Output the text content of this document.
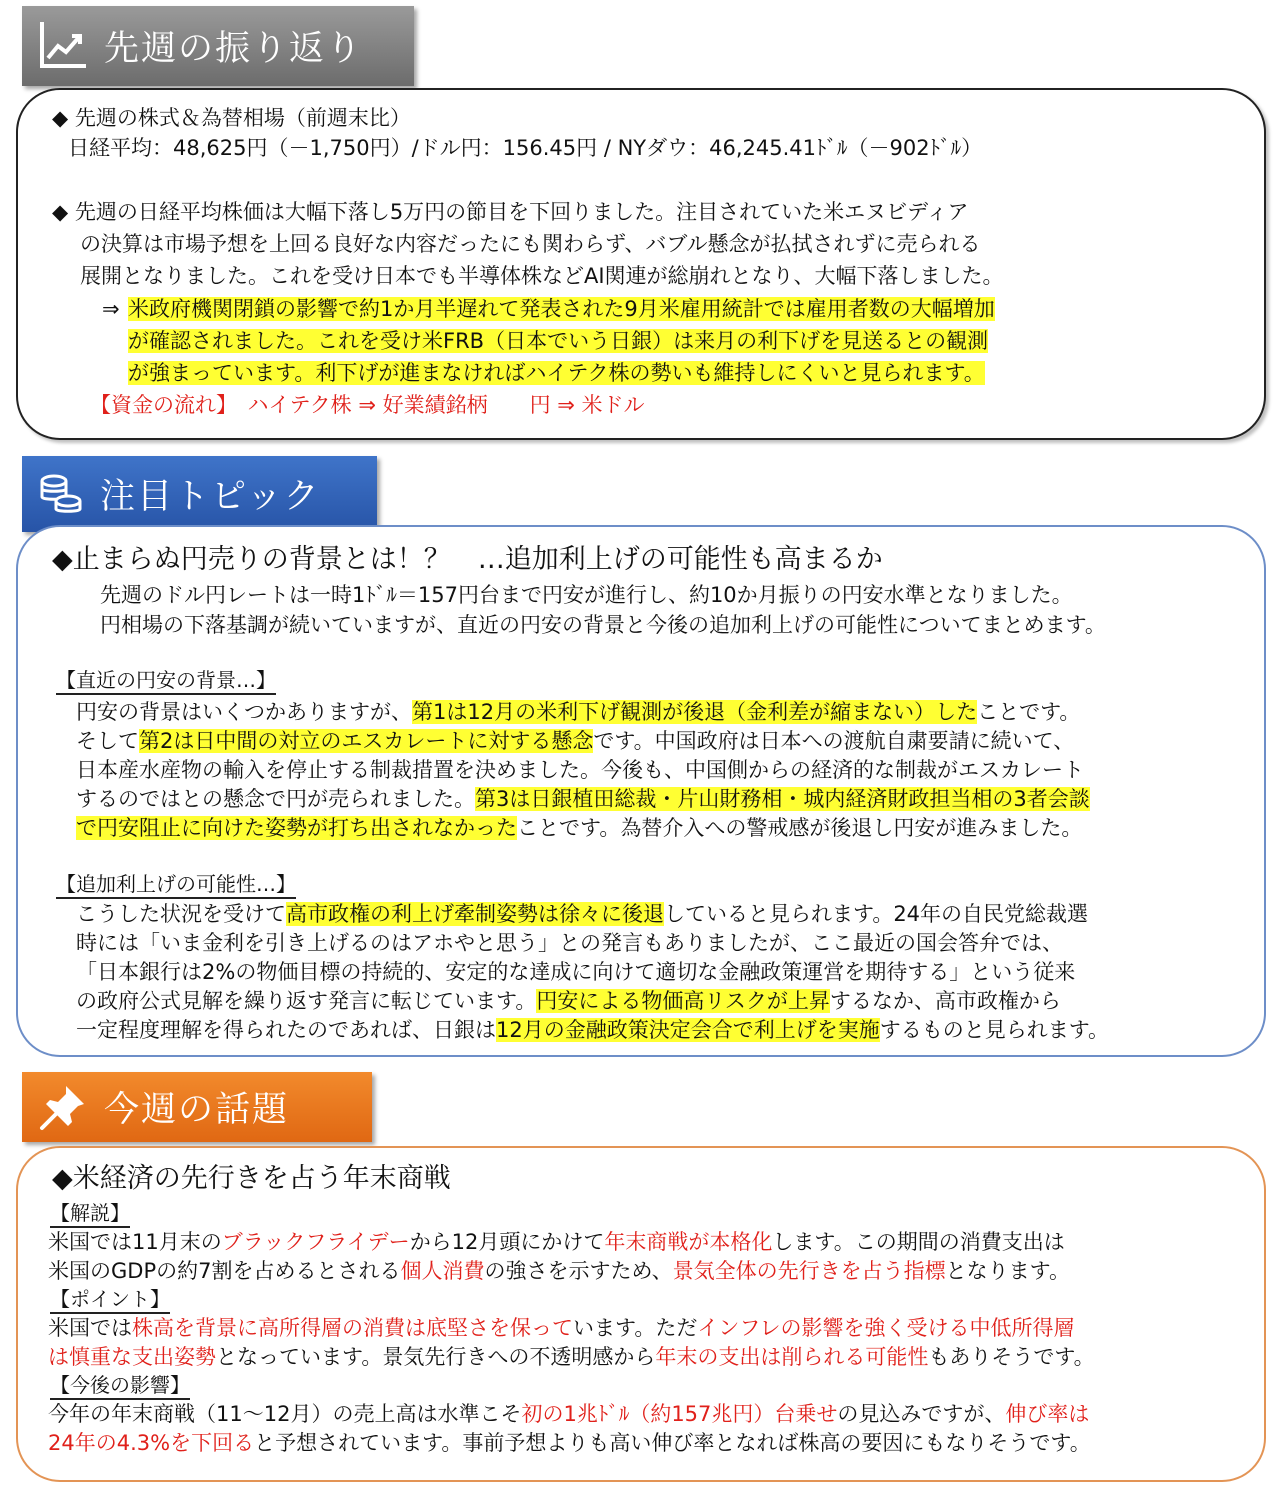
先週の振り返り
◆ 先週の株式＆為替相場（前週末比）
日経平均：48,625円（－1,750円）/ドル円：156.45円 / NYダウ：46,245.41ﾄﾞﾙ（－902ﾄﾞﾙ）
◆ 先週の日経平均株価は大幅下落し5万円の節目を下回りました。注目されていた米エヌビディア
の決算は市場予想を上回る良好な内容だったにも関わらず、バブル懸念が払拭されずに売られる
展開となりました。これを受け日本でも半導体株などAI関連が総崩れとなり、大幅下落しました。
⇒ 米政府機関閉鎖の影響で約1か月半遅れて発表された9月米雇用統計では雇用者数の大幅増加
が確認されました。これを受け米FRB（日本でいう日銀）は来月の利下げを見送るとの観測
が強まっています。利下げが進まなければハイテク株の勢いも維持しにくいと見られます。
【資金の流れ】　ハイテク株 ⇒ 好業績銘柄　　円 ⇒ 米ドル
注目トピック
◆止まらぬ円売りの背景とは！？　…追加利上げの可能性も高まるか
先週のドル円レートは一時1ﾄﾞﾙ＝157円台まで円安が進行し、約10か月振りの円安水準となりました。
円相場の下落基調が続いていますが、直近の円安の背景と今後の追加利上げの可能性についてまとめます。
【直近の円安の背景…】
円安の背景はいくつかありますが、第1は12月の米利下げ観測が後退（金利差が縮まない）したことです。
そして第2は日中間の対立のエスカレートに対する懸念です。中国政府は日本への渡航自粛要請に続いて、
日本産水産物の輸入を停止する制裁措置を決めました。今後も、中国側からの経済的な制裁がエスカレート
するのではとの懸念で円が売られました。第3は日銀植田総裁・片山財務相・城内経済財政担当相の3者会談
で円安阻止に向けた姿勢が打ち出されなかったことです。為替介入への警戒感が後退し円安が進みました。
【追加利上げの可能性…】
こうした状況を受けて高市政権の利上げ牽制姿勢は徐々に後退していると見られます。24年の自民党総裁選
時には「いま金利を引き上げるのはアホやと思う」との発言もありましたが、ここ最近の国会答弁では、
「日本銀行は2%の物価目標の持続的、安定的な達成に向けて適切な金融政策運営を期待する」という従来
の政府公式見解を繰り返す発言に転じています。円安による物価高リスクが上昇するなか、高市政権から
一定程度理解を得られたのであれば、日銀は12月の金融政策決定会合で利上げを実施するものと見られます。
今週の話題
◆米経済の先行きを占う年末商戦
【解説】
米国では11月末のブラックフライデーから12月頭にかけて年末商戦が本格化します。この期間の消費支出は
米国のGDPの約7割を占めるとされる個人消費の強さを示すため、景気全体の先行きを占う指標となります。
【ポイント】
米国では株高を背景に高所得層の消費は底堅さを保っています。ただインフレの影響を強く受ける中低所得層
は慎重な支出姿勢となっています。景気先行きへの不透明感から年末の支出は削られる可能性もありそうです。
【今後の影響】
今年の年末商戦（11～12月）の売上高は水準こそ初の1兆ﾄﾞﾙ（約157兆円）台乗せの見込みですが、伸び率は
24年の4.3%を下回ると予想されています。事前予想よりも高い伸び率となれば株高の要因にもなりそうです。
